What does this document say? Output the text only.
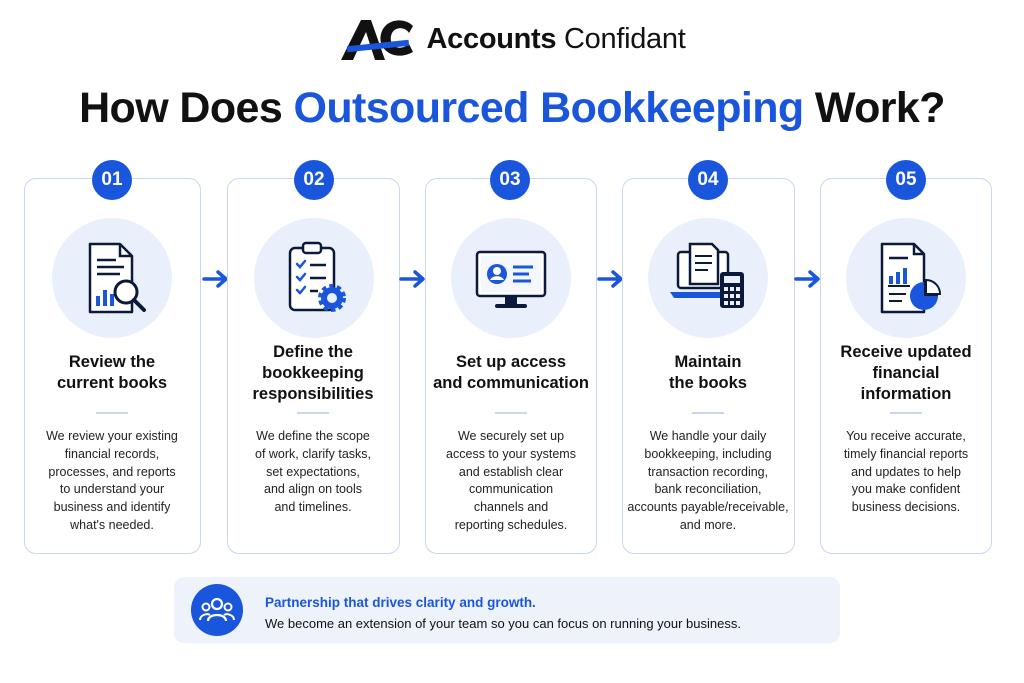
Accounts Confidant
How Does Outsourced Bookkeeping Work?
01
Review the
current books
We review your existing
financial records,
processes, and reports
to understand your
business and identify
what's needed.
02
Define the
bookkeeping
responsibilities
We define the scope
of work, clarify tasks,
set expectations,
and align on tools
and timelines.
03
Set up access
and communication
We securely set up
access to your systems
and establish clear
communication
channels and
reporting schedules.
04
Maintain
the books
We handle your daily
bookkeeping, including
transaction recording,
bank reconciliation,
accounts payable/receivable,
and more.
05
Receive updated
financial
information
You receive accurate,
timely financial reports
and updates to help
you make confident
business decisions.
Partnership that drives clarity and growth.
We become an extension of your team so you can focus on running your business.
